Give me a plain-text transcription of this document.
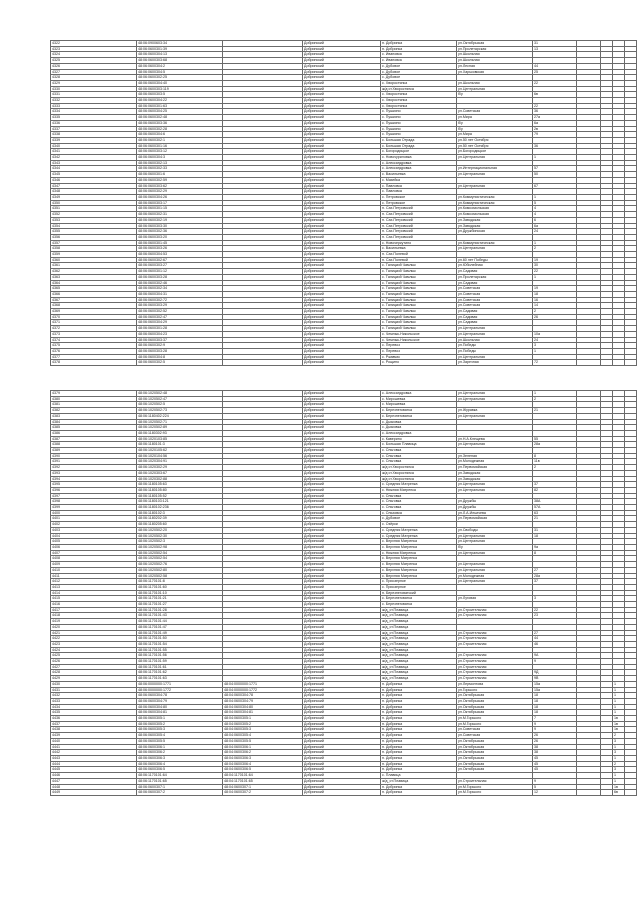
4322	48:06:0900603:34		Добринский	п. Добринка	ул.Октябрьская	31				
4323	48:06:0600301:39		Добринский	п. Добринка	ул.Пролетарская	13				
4324	48:06:0600304:13		Добринский	с. Ивановка	ул.Школьная					
4325	48:06:0600303:68		Добринский	с. Ивановка	ул.Школьная					
4326	48:06:0600304:2		Добринский	с. Дубовое	ул.Лесная	44				
4327	48:06:0600304:5		Добринский	с. Дубовое	ул.Харьковская	25				
4328	48:06:0600302:25		Добринский	с. Дубовое						
4329	48:06:0600304:40		Добринский	с. Хворостянка	ул.Школьная	22				
4330	48:06:0600303:119		Добринский	ж/д ст.Хворостянка	ул.Центральная					
4331	48:06:0600303:5		Добринский	с. Хворостянка	б/у	6в				
4332	48:06:0600304:22		Добринский	с. Хворостянка						
4333	48:06:0600301:63		Добринский	с. Хворостянка		22				
4334	48:06:0600304:25		Добринский	с. Пушкино	ул.Советская	36				
4335	48:06:0600302:48		Добринский	с. Пушкино	ул.Мира	27а				
4336	48:06:0600303:36		Добринский	с. Пушкино	б/у	6а				
4337	48:06:0600302:28		Добринский	с. Пушкино	б/у	2в				
4338	48:06:0600304:6		Добринский	с. Пушкино	ул.Мира	79				
4339	48:06:0600302:1		Добринский	с. Большая Отрада	ул.50 лет Октября					
4340	48:06:0600301:16		Добринский	с. Большая Отрада	ул.50 лет Октября	36				
4341	48:06:0600303:12		Добринский	с. Богородицкое	ул.Богородицкое					
4342	48:06:0600304:3		Добринский	с. Новочуриловка	ул.Центральная	1				
4343	48:06:0600302:13		Добринский	с. Александровка						
4344	48:06:0600302:33		Добринский	с. Александровка	ул.Интернациональная	57				
4345	48:06:0600301:6		Добринский	с. Васильевка	ул.Центральная	50				
4346	48:06:0600302:59		Добринский	с. Мазейка						
4347	48:06:0600303:62		Добринский	с. Павловка	ул.Центральная	67				
4348	48:06:0600302:29		Добринский	с. Павловка						
4349	48:06:0600304:26		Добринский	с. Петровское	ул.Коммунистическая	1				
4350	48:06:0600303:17		Добринский	с. Петровское	ул.Коммунистическая	5				
4351	48:06:0600301:15		Добринский	п. Сах.Петровский	ул.Комсомольская	4				
4352	48:06:0600302:31		Добринский	п. Сах.Петровский	ул.Комсомольская	4				
4353	48:06:0600302:19		Добринский	п. Сах.Петровский	ул.Заводская	6				
4354	48:06:0600303:30		Добринский	п. Сах.Петровский	ул.Заводская	6а				
4355	48:06:0600302:36		Добринский	п. Сах.Петровский	ул.Дружбинская	24				
4356	48:06:0600303:20		Добринский	п. Сах.Петровский						
4357	48:06:0600301:45		Добринский	с. Новочеркутино	ул.Коммунистическая	1				
4358	48:06:0600303:26		Добринский	с. Васильевка	ул.Центральная	2				
4359	48:06:0600304:53		Добринский	п. Сах.Полевой						
4360	48:06:0600302:67		Добринский	п. Сах.Полевой	ул.60 лет Победы	19				
4361	48:06:0600303:27		Добринский	с. Талицкий Чамлык	ул.Юбилейная	30				
4362	48:06:0600301:12		Добринский	с. Талицкий Чамлык	ул.Садовая	22				
4363	48:06:0600303:28		Добринский	с. Талицкий Чамлык	ул.Пролетарская	1				
4364	48:06:0600302:46		Добринский	с. Талицкий Чамлык	ул.Садовая					
4365	48:06:0600302:34		Добринский	с. Талицкий Чамлык	ул.Советская	19				
4366	48:06:0600304:31		Добринский	с. Талицкий Чамлык	ул.Советская	18				
4367	48:06:0600302:72		Добринский	с. Талицкий Чамлык	ул.Советская	16				
4368	48:06:0600303:29		Добринский	с. Талицкий Чамлык	ул.Советская	14				
4369	48:06:0600302:52		Добринский	с. Талицкий Чамлык	ул.Садовая	2				
4370	48:06:0600302:47		Добринский	с. Талицкий Чамлык	ул.Садовая	26				
4371	48:06:0600304:29		Добринский	с. Талицкий Чамлык	ул.Садовая					
4372	48:06:0600301:28		Добринский	с. Талицкий Чамлык	ул.Центральная					
4373	48:06:0600304:23		Добринский	с. Чемлык-Никольское	ул.Центральная	10а				
4374	48:06:0600303:37		Добринский	с. Чемлык-Никольское	ул.Школьная	24				
4375	48:06:0600302:9		Добринский	с. Перевоз	ул.Победы	3				
4376	48:06:0600303:28		Добринский	с. Перевоз	ул.Победы	1				
4377	48:06:0600304:8		Добринский	с. Ржавчик	ул.Центральная					
4378	48:06:0600302:5		Добринский	с. Рощино	ул.Заречная	72				
4379	48:06:1020502:48		Добринский	с. Александровка	ул.Центральная	1				
4380	48:06:1020502:47		Добринский	с. Мирошевка	ул.Центральная	2				
4381	48:06:1020502:5		Добринский	с. Мирошевка						
4382	48:06:1020502:73		Добринский	с. Березнеговатка	ул.Журавка	21				
4383	48:06:1180402:224		Добринский	с. Березнеговатка	ул.Центральная					
4384	48:06:1020502:71		Добринский	с. Дьяковка						
4385	48:06:1020502:89		Добринский	с. Дьяковка						
4386	48:06:1180302:93		Добринский	с. Александровка						
4387	48:06:1020103:85		Добринский	с. Каверино	ул.Н.А.Клещева	55				
4388	48:06:1180101:3		Добринский	с. Большая Плавица	ул.Центральная	28а				
4389	48:06:1020105:62		Добринский	с. Ольговка						
4390	48:06:1020104:56		Добринский	с. Ольговка	ул.Зеленая	8				
4391	48:06:1020304:91		Добринский	с. Ольговка	ул.Молодежная	11в				
4392	48:06:1020302:29		Добринский	ж/д ст.Хворостянка	ул.Первомайская	2				
4393	48:06:1020303:67		Добринский	ж/д ст.Хворостянка	ул.Заводская					
4394	48:06:1020302:88		Добринский	ж/д ст.Хворостянка	ул.Заводская					
4395	48:06:1180105:63		Добринский	с. Средняя Матренка	ул.Центральная	37				
4396	48:06:1180105:80		Добринский	с. Нижняя Матренка	ул.Центральная	82				
4397	48:06:1180105:52		Добринский	с. Ольговка						
4398	48:06:1180103:121		Добринский	с. Ольговка	ул.Дружбы	38А				
4399	48:06:1180102:236		Добринский	с. Ольговка	ул.Дружбы	57А				
4400	48:06:1180102:3		Добринский	с. Ольховка	ул.Л.А.Ильичева	63				
4401	48:06:1180202:39		Добринский	с. Дубовое	ул.Первомайская	21				
4402	48:06:1180205:60		Добринский	с. Озёрки						
4403	48:06:1020502:20		Добринский	с. Средняя Матренка	ул.Свободы	31				
4404	48:06:1020502:30		Добринский	с. Средняя Матренка	ул.Центральная	18				
4405	48:06:1020502:3		Добринский	с. Верхняя Матренка	ул.Центральная					
4406	48:06:1020502:98		Добринский	с. Верхняя Матренка	б/у	9а				
4407	48:06:1020502:54		Добринский	с. Нижняя Матренка	ул.Центральная	8				
4408	48:06:1020502:54		Добринский	с. Верхняя Матренка						
4409	48:06:1020502:76		Добринский	с. Верхняя Матренка	ул.Центральная					
4410	48:06:1020502:80		Добринский	с. Верхняя Матренка	ул.Центральная	27				
4411	48:06:1020502:58		Добринский	с. Верхняя Матренка	ул.Молодежная	28а				
4412	48:06:1170101:8		Добринский	с. Приозерное	ул.Центральная	37				
4413	48:06:1170101:60		Добринский	с. Приозерное						
4414	48:06:1170101:10		Добринский	п. Березнеговатский						
4415	48:06:1170101:21		Добринский	с. Березнеговатка	ул.Луговая	3				
4416	48:06:1170101:27		Добринский	с. Березнеговатка						
4417	48:06:1170101:28		Добринский	ж/д_ст.Плавица	ул.Строительная	22				
4418	48:06:1170101:43		Добринский	ж/д_ст.Плавица	ул.Строительная	23				
4419	48:06:1170101:44		Добринский	ж/д_ст.Плавица						
4420	48:06:1170101:47		Добринский	ж/д_ст.Плавица						
4421	48:06:1170101:49		Добринский	ж/д_ст.Плавица	ул.Строительная	27				
4422	48:06:1170101:50		Добринский	ж/д_ст.Плавица	ул.Строительная	44				
4423	48:06:1170101:54		Добринский	ж/д_ст.Плавица	ул.Строительная	46				
4424	48:06:1170101:55		Добринский	ж/д_ст.Плавица						
4425	48:06:1170101:56		Добринский	ж/д_ст.Плавица	ул.Строительная	9А				
4426	48:06:1170101:59		Добринский	ж/д_ст.Плавица	ул.Строительная	9				
4427	48:06:1170101:61		Добринский	ж/д_ст.Плавица	ул.Строительная					
4428	48:06:1170101:62		Добринский	ж/д_ст.Плавица	ул.Строительная	9Д				
4429	48:06:1170101:63		Добринский	ж/д_ст.Плавица	ул.Строительная	9В				
4430	48:06:0000000:1771	48:04:0000000:1771	Добринский	п. Добринка	ул.Лермонтова	15а			1	
4431	48:06:0000000:1772	48:04:0000000:1772	Добринский	п. Добринка	ул.Горького	15а			1	
4432	48:06:0600304:78	48:04:0600304:78	Добринский	п. Добринка	ул.Октябрьская	18			1	
4433	48:06:0600304:79	48:04:0600304:79	Добринский	п. Добринка	ул.Октябрьская	18			1	
4434	48:06:0600304:80	48:04:0600304:80	Добринский	п. Добринка	ул.Октябрьская	18			1	
4435	48:06:0600304:81	48:04:0600304:81	Добринский	п. Добринка	ул.Октябрьская	18			1	
4436	48:06:0600305:1	48:04:0600305:1	Добринский	п. Добринка	ул.М.Горького	7			1в	
4437	48:06:0600305:2	48:04:0600305:2	Добринский	п. Добринка	ул.М.Горького	9			1в	
4438	48:06:0600305:3	48:04:0600305:3	Добринский	п. Добринка	ул.Советская	9			1в	
4439	48:06:0600305:4	48:04:0600305:4	Добринский	п. Добринка	ул.Советская	26			2	
4440	48:06:0600305:5	48:04:0600305:5	Добринский	п. Добринка	ул.Октябрьская	26			3	
4441	48:06:0600306:1	48:04:0600306:1	Добринский	п. Добринка	ул.Октябрьская	38			1	
4442	48:06:0600306:2	48:04:0600306:2	Добринский	п. Добринка	ул.Октябрьская	38			3	
4443	48:06:0600306:3	48:04:0600306:3	Добринский	п. Добринка	ул.Октябрьская	45			1	
4444	48:06:0600306:4	48:04:0600306:4	Добринский	п. Добринка	ул.Октябрьская	45			2	
4445	48:06:0600306:5	48:04:0600306:5	Добринский	п. Добринка	ул.Октябрьская	45			3	
4446	48:06:1170101:64	48:04:1170101:64	Добринский	с. Плавица					1	
4447	48:06:1170101:65	48:04:1170101:65	Добринский	ж/д_ст.Плавица	ул.Строительная	9			1	
4448	48:06:0600307:1	48:04:0600307:1	Добринский	п. Добринка	ул.М.Горького	5			1в	
4449	48:06:0600307:2	48:04:0600307:2	Добринский	п. Добринка	ул.М.Горького	12			6в	
